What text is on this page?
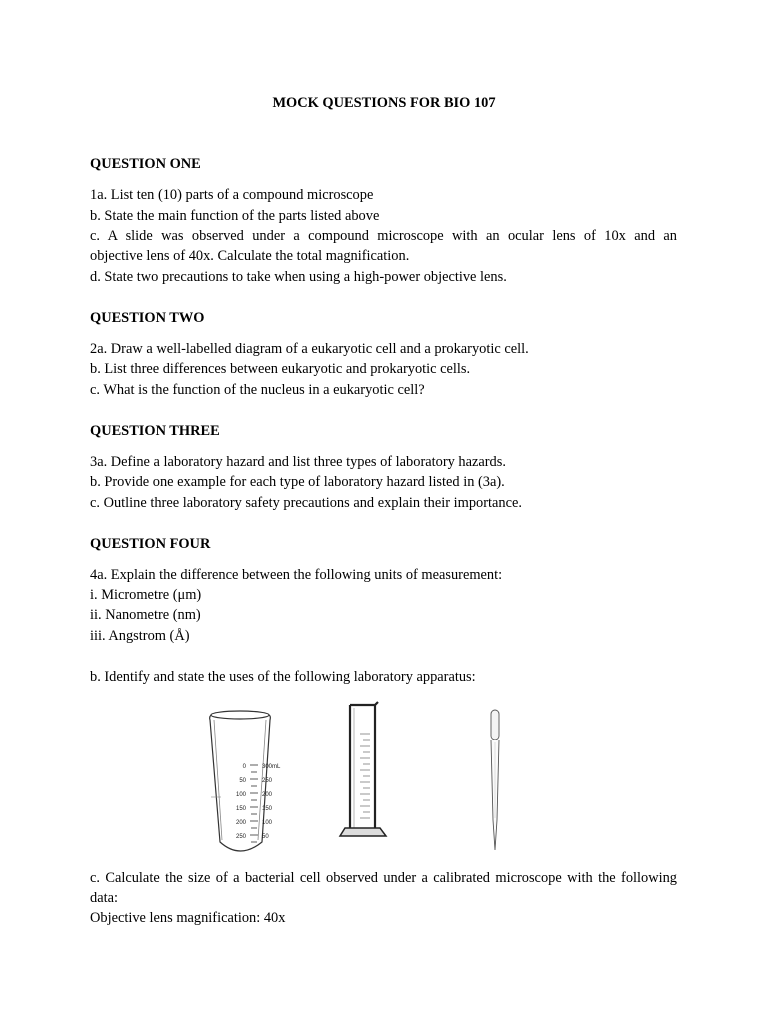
MOCK QUESTIONS FOR BIO 107
QUESTION ONE
1a. List ten (10) parts of a compound microscope
b. State the main function of the parts listed above
c. A slide was observed under a compound microscope with an ocular lens of 10x and an
objective lens of 40x. Calculate the total magnification.
d. State two precautions to take when using a high-power objective lens.
QUESTION TWO
2a. Draw a well-labelled diagram of a eukaryotic cell and a prokaryotic cell.
b. List three differences between eukaryotic and prokaryotic cells.
c. What is the function of the nucleus in a eukaryotic cell?
QUESTION THREE
3a. Define a laboratory hazard and list three types of laboratory hazards.
b. Provide one example for each type of laboratory hazard listed in (3a).
c. Outline three laboratory safety precautions and explain their importance.
QUESTION FOUR
4a. Explain the difference between the following units of measurement:
i. Micrometre (μm)
ii. Nanometre (nm)
iii. Angstrom (Å)
b. Identify and state the uses of the following laboratory apparatus:
0
50
100
150
200
250
300mL
250
200
150
100
50
c. Calculate the size of a bacterial cell observed under a calibrated microscope with the following
data:
Objective lens magnification: 40x
